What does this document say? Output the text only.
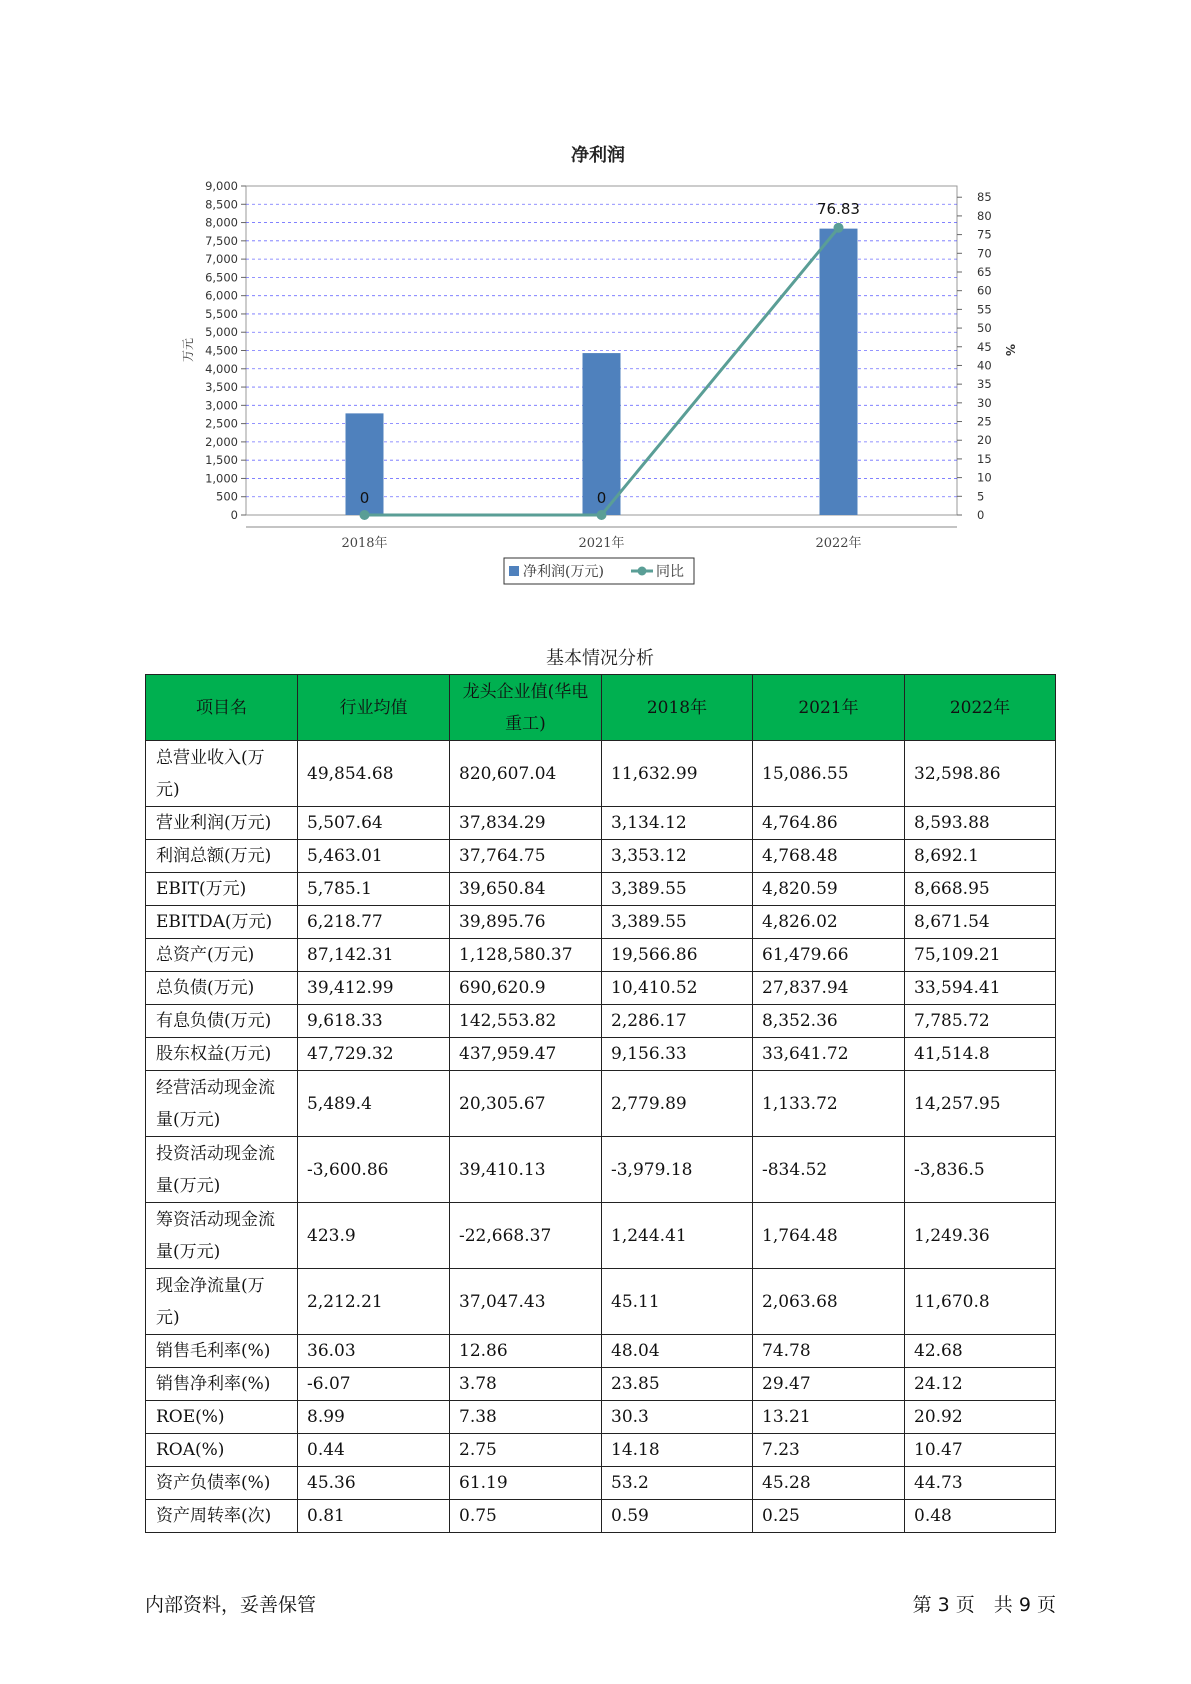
净利润
0
500
1,000
1,500
2,000
2,500
3,000
3,500
4,000
4,500
5,000
5,500
6,000
6,500
7,000
7,500
8,000
8,500
9,000
0
5
10
15
20
25
30
35
40
45
50
55
60
65
70
75
80
85
万元	%
2018年	2021年	2022年
0	0
76.83
净利润(万元)	同比
基本情况分析
项目名	行业均值	龙头企业值(华电重工)	2018年	2021年	2022年
总营业收入(万元)	49,854.68	820,607.04	11,632.99	15,086.55	32,598.86
营业利润(万元)	5,507.64	37,834.29	3,134.12	4,764.86	8,593.88
利润总额(万元)	5,463.01	37,764.75	3,353.12	4,768.48	8,692.1
EBIT(万元)	5,785.1	39,650.84	3,389.55	4,820.59	8,668.95
EBITDA(万元)	6,218.77	39,895.76	3,389.55	4,826.02	8,671.54
总资产(万元)	87,142.31	1,128,580.37	19,566.86	61,479.66	75,109.21
总负债(万元)	39,412.99	690,620.9	10,410.52	27,837.94	33,594.41
有息负债(万元)	9,618.33	142,553.82	2,286.17	8,352.36	7,785.72
股东权益(万元)	47,729.32	437,959.47	9,156.33	33,641.72	41,514.8
经营活动现金流量(万元)	5,489.4	20,305.67	2,779.89	1,133.72	14,257.95
投资活动现金流量(万元)	-3,600.86	39,410.13	-3,979.18	-834.52	-3,836.5
筹资活动现金流量(万元)	423.9	-22,668.37	1,244.41	1,764.48	1,249.36
现金净流量(万元)	2,212.21	37,047.43	45.11	2,063.68	11,670.8
销售毛利率(%)	36.03	12.86	48.04	74.78	42.68
销售净利率(%)	-6.07	3.78	23.85	29.47	24.12
ROE(%)	8.99	7.38	30.3	13.21	20.92
ROA(%)	0.44	2.75	14.18	7.23	10.47
资产负债率(%)	45.36	61.19	53.2	45.28	44.73
资产周转率(次)	0.81	0.75	0.59	0.25	0.48
内部资料，妥善保管	第 3 页　共 9 页
